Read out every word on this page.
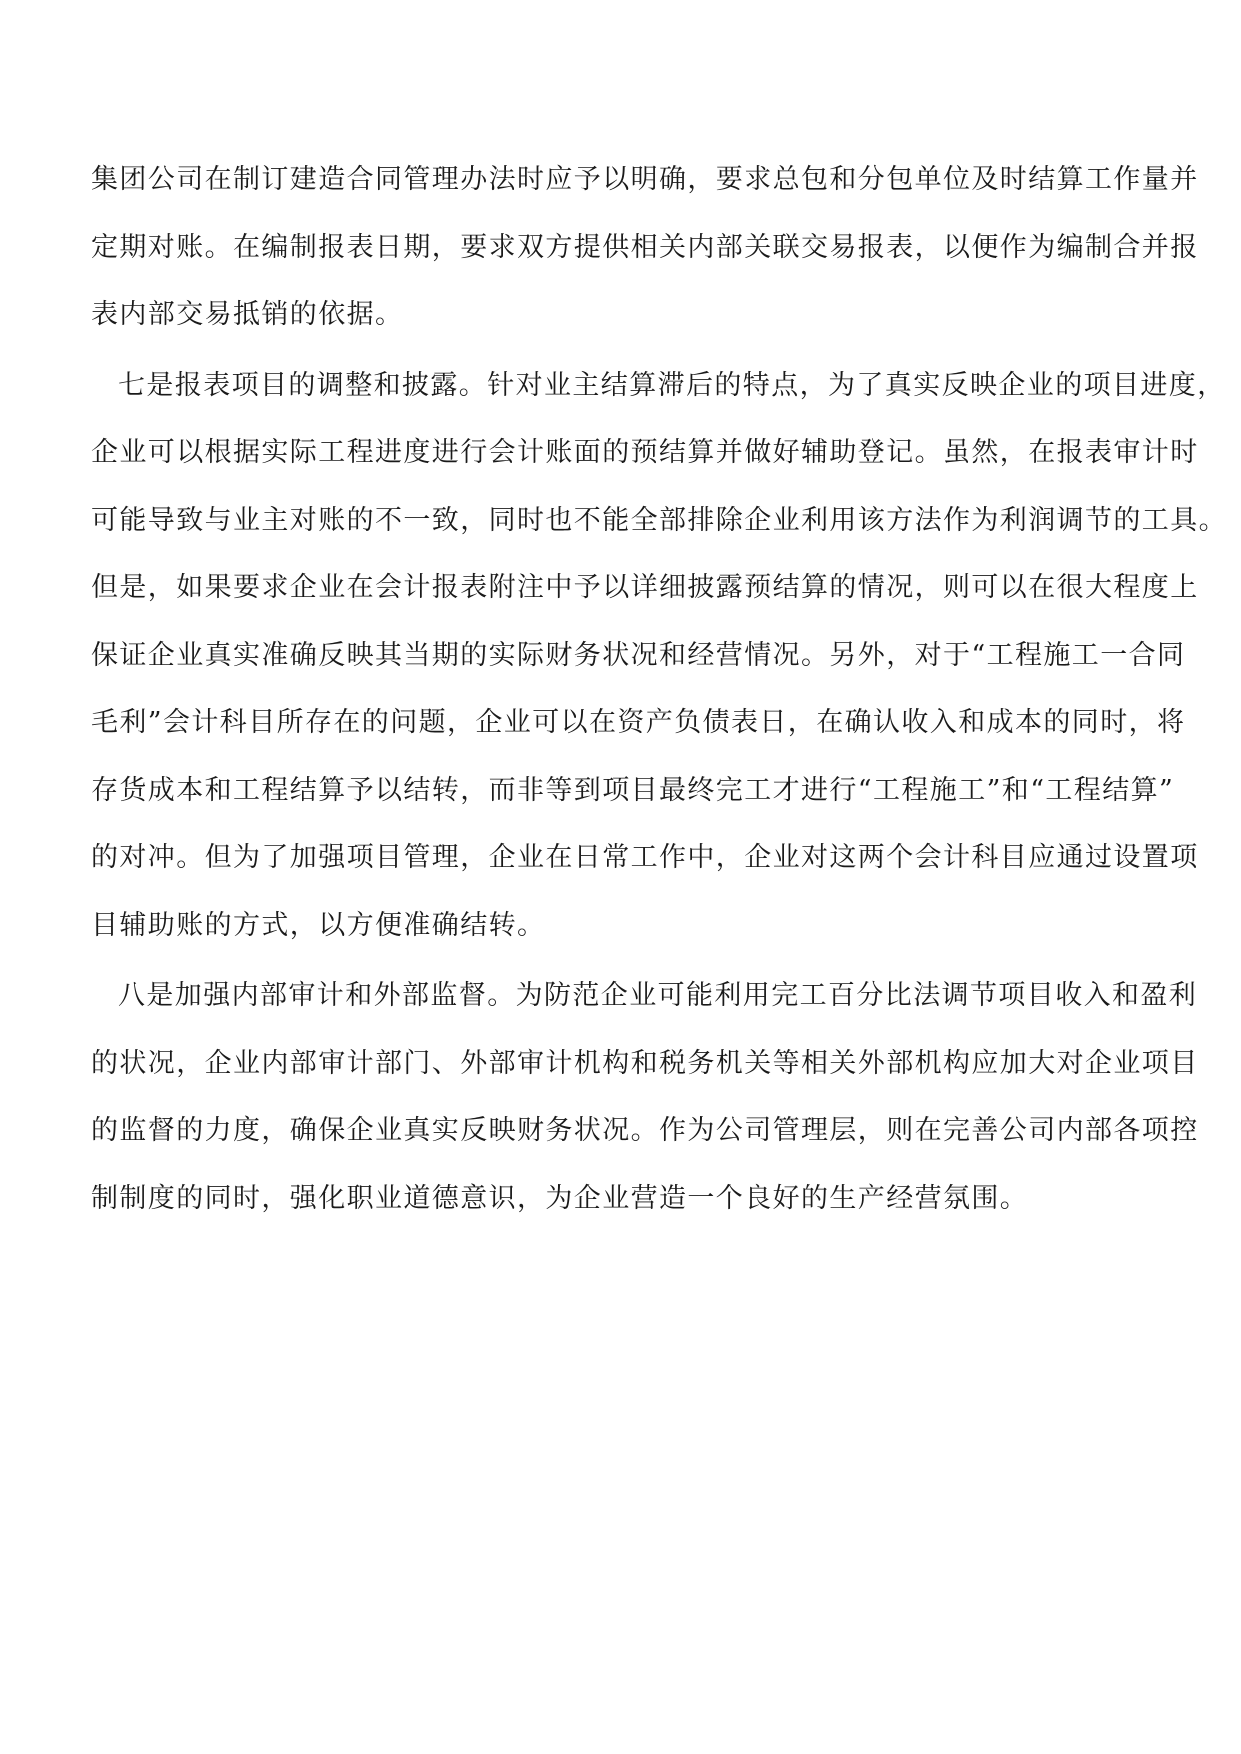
集团公司在制订建造合同管理办法时应予以明确，要求总包和分包单位及时结算工作量并
定期对账。在编制报表日期，要求双方提供相关内部关联交易报表，以便作为编制合并报
表内部交易抵销的依据。
七是报表项目的调整和披露。针对业主结算滞后的特点，为了真实反映企业的项目进度，
企业可以根据实际工程进度进行会计账面的预结算并做好辅助登记。虽然，在报表审计时
可能导致与业主对账的不一致，同时也不能全部排除企业利用该方法作为利润调节的工具。
但是，如果要求企业在会计报表附注中予以详细披露预结算的情况，则可以在很大程度上
保证企业真实准确反映其当期的实际财务状况和经营情况。另外，对于“工程施工一合同
毛利”会计科目所存在的问题，企业可以在资产负债表日，在确认收入和成本的同时，将
存货成本和工程结算予以结转，而非等到项目最终完工才进行“工程施工”和“工程结算”
的对冲。但为了加强项目管理，企业在日常工作中，企业对这两个会计科目应通过设置项
目辅助账的方式，以方便准确结转。
八是加强内部审计和外部监督。为防范企业可能利用完工百分比法调节项目收入和盈利
的状况，企业内部审计部门、外部审计机构和税务机关等相关外部机构应加大对企业项目
的监督的力度，确保企业真实反映财务状况。作为公司管理层，则在完善公司内部各项控
制制度的同时，强化职业道德意识，为企业营造一个良好的生产经营氛围。
